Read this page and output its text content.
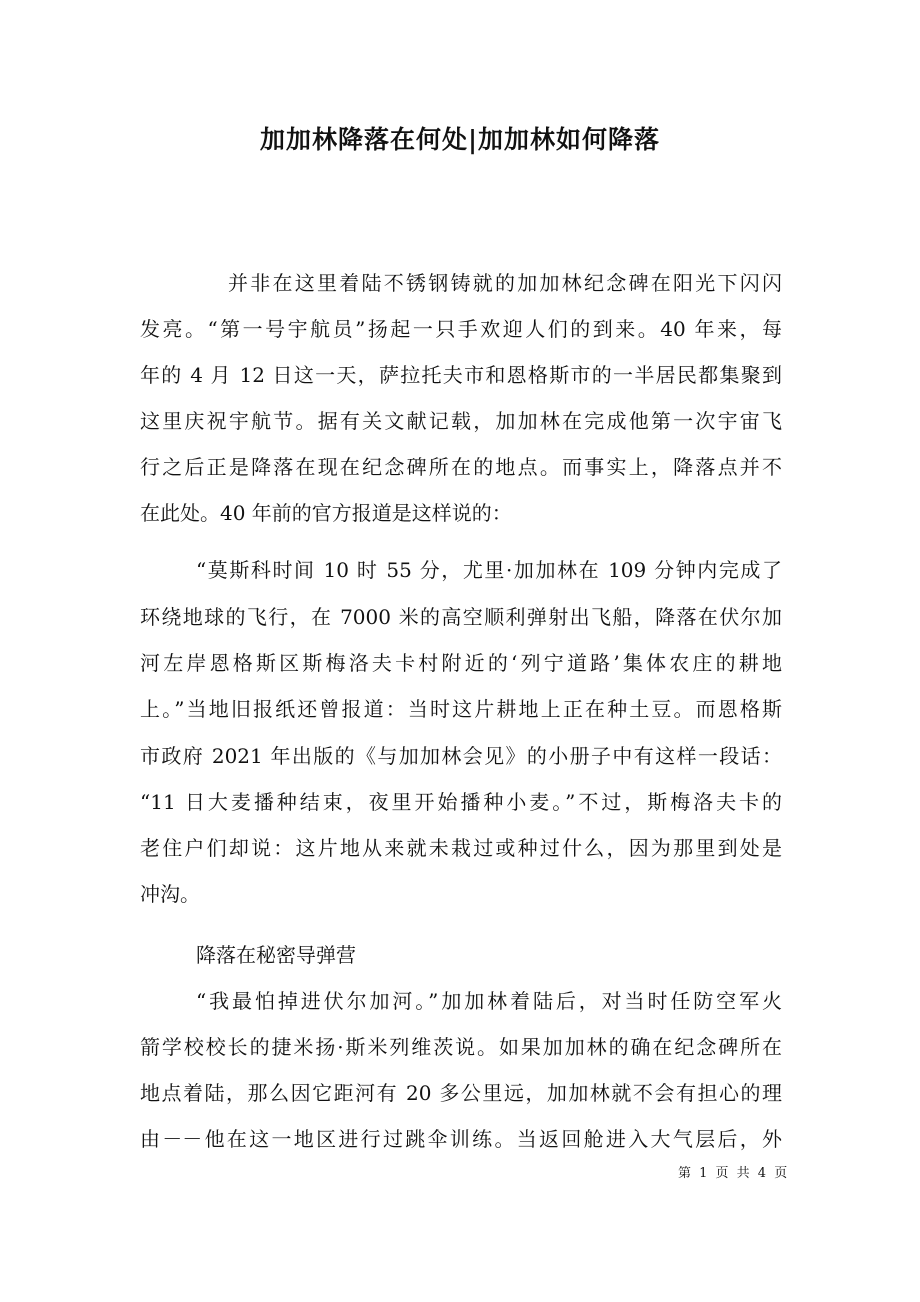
加加林降落在何处|加加林如何降落
并非在这里着陆不锈钢铸就的加加林纪念碑在阳光下闪闪
发亮。“第一号宇航员”扬起一只手欢迎人们的到来。40 年来，每
年的 4 月 12 日这一天，萨拉托夫市和恩格斯市的一半居民都集聚到
这里庆祝宇航节。据有关文献记载，加加林在完成他第一次宇宙飞
行之后正是降落在现在纪念碑所在的地点。而事实上，降落点并不
在此处。40 年前的官方报道是这样说的：
“莫斯科时间 10 时 55 分，尤里·加加林在 109 分钟内完成了
环绕地球的飞行，在 7000 米的高空顺利弹射出飞船，降落在伏尔加
河左岸恩格斯区斯梅洛夫卡村附近的‘列宁道路’集体农庄的耕地
上。”当地旧报纸还曾报道：当时这片耕地上正在种土豆。而恩格斯
市政府 2021 年出版的《与加加林会见》的小册子中有这样一段话：
“11 日大麦播种结束，夜里开始播种小麦。”不过，斯梅洛夫卡的
老住户们却说：这片地从来就未栽过或种过什么，因为那里到处是
冲沟。
降落在秘密导弹营
“我最怕掉进伏尔加河。”加加林着陆后，对当时任防空军火
箭学校校长的捷米扬·斯米列维茨说。如果加加林的确在纪念碑所在
地点着陆，那么因它距河有 20 多公里远，加加林就不会有担心的理
由－－他在这一地区进行过跳伞训练。当返回舱进入大气层后，外
第 1 页 共 4 页
